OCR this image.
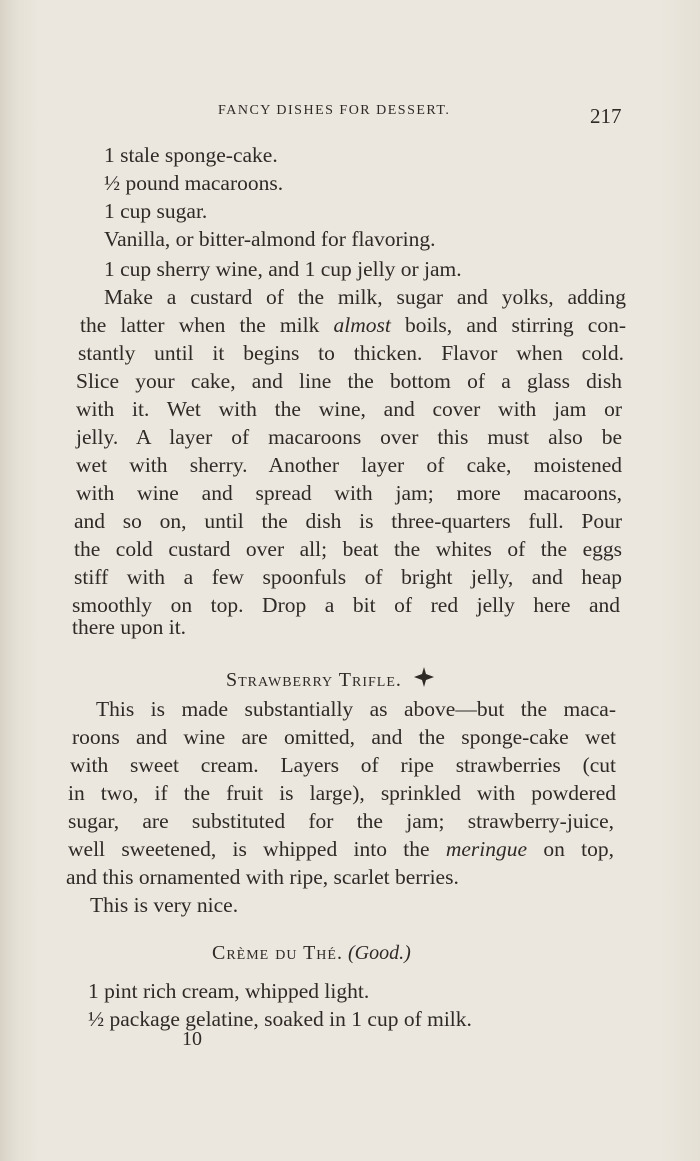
FANCY DISHES FOR DESSERT.	217
1 stale sponge-cake.
½ pound macaroons.
1 cup sugar.
Vanilla, or bitter-almond for flavoring.
1 cup sherry wine, and 1 cup jelly or jam.
Make a custard of the milk, sugar and yolks, adding
the latter when the milk almost boils, and stirring con-
stantly until it begins to thicken. Flavor when cold.
Slice your cake, and line the bottom of a glass dish
with it. Wet with the wine, and cover with jam or
jelly. A layer of macaroons over this must also be
wet with sherry. Another layer of cake, moistened
with wine and spread with jam; more macaroons,
and so on, until the dish is three-quarters full. Pour
the cold custard over all; beat the whites of the eggs
stiff with a few spoonfuls of bright jelly, and heap
smoothly on top. Drop a bit of red jelly here and
there upon it.
Strawberry Trifle.
This is made substantially as above—but the maca-
roons and wine are omitted, and the sponge-cake wet
with sweet cream. Layers of ripe strawberries (cut
in two, if the fruit is large), sprinkled with powdered
sugar, are substituted for the jam; strawberry-juice,
well sweetened, is whipped into the meringue on top,
and this ornamented with ripe, scarlet berries.
This is very nice.
Crème du Thé. (Good.)
1 pint rich cream, whipped light.
½ package gelatine, soaked in 1 cup of milk.
10
